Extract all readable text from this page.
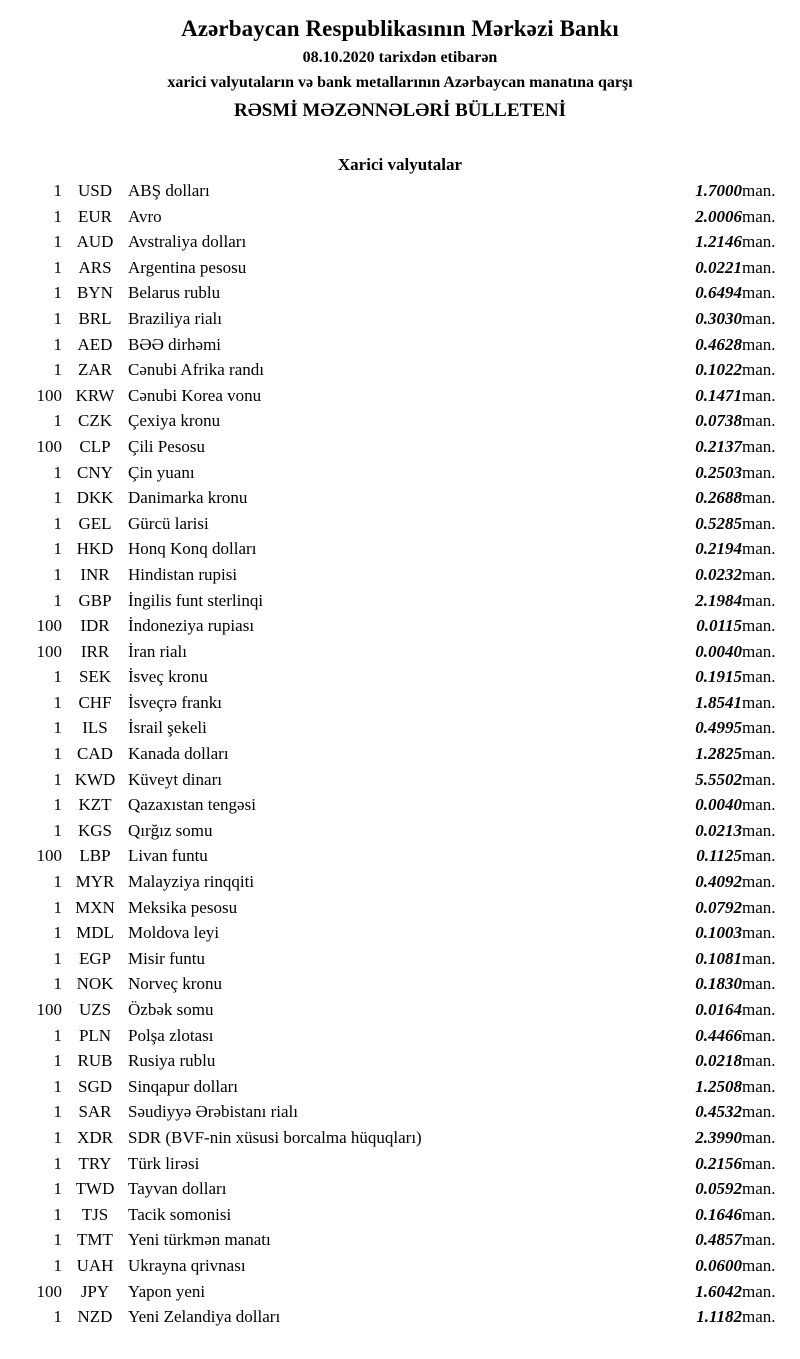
Azərbaycan Respublikasının Mərkəzi Bankı
08.10.2020 tarixdən etibarən
xarici valyutaların və bank metallarının Azərbaycan manatına qarşı
RƏSMİ MƏZƏNNƏLƏRİ BÜLLETENİ
Xarici valyutalar
1	USD	ABŞ dolları	1.7000	man.
1	EUR	Avro	2.0006	man.
1	AUD	Avstraliya dolları	1.2146	man.
1	ARS	Argentina pesosu	0.0221	man.
1	BYN	Belarus rublu	0.6494	man.
1	BRL	Braziliya rialı	0.3030	man.
1	AED	BƏƏ dirhəmi	0.4628	man.
1	ZAR	Cənubi Afrika randı	0.1022	man.
100	KRW	Cənubi Korea vonu	0.1471	man.
1	CZK	Çexiya kronu	0.0738	man.
100	CLP	Çili Pesosu	0.2137	man.
1	CNY	Çin yuanı	0.2503	man.
1	DKK	Danimarka kronu	0.2688	man.
1	GEL	Gürcü larisi	0.5285	man.
1	HKD	Honq Konq dolları	0.2194	man.
1	INR	Hindistan rupisi	0.0232	man.
1	GBP	İngilis funt sterlinqi	2.1984	man.
100	IDR	İndoneziya rupiası	0.0115	man.
100	IRR	İran rialı	0.0040	man.
1	SEK	İsveç kronu	0.1915	man.
1	CHF	İsveçrə frankı	1.8541	man.
1	ILS	İsrail şekeli	0.4995	man.
1	CAD	Kanada dolları	1.2825	man.
1	KWD	Küveyt dinarı	5.5502	man.
1	KZT	Qazaxıstan tengəsi	0.0040	man.
1	KGS	Qırğız somu	0.0213	man.
100	LBP	Livan funtu	0.1125	man.
1	MYR	Malayziya rinqqiti	0.4092	man.
1	MXN	Meksika pesosu	0.0792	man.
1	MDL	Moldova leyi	0.1003	man.
1	EGP	Misir funtu	0.1081	man.
1	NOK	Norveç kronu	0.1830	man.
100	UZS	Özbək somu	0.0164	man.
1	PLN	Polşa zlotası	0.4466	man.
1	RUB	Rusiya rublu	0.0218	man.
1	SGD	Sinqapur dolları	1.2508	man.
1	SAR	Səudiyyə Ərəbistanı rialı	0.4532	man.
1	XDR	SDR (BVF-nin xüsusi borcalma hüquqları)	2.3990	man.
1	TRY	Türk lirəsi	0.2156	man.
1	TWD	Tayvan dolları	0.0592	man.
1	TJS	Tacik somonisi	0.1646	man.
1	TMT	Yeni türkmən manatı	0.4857	man.
1	UAH	Ukrayna qrivnası	0.0600	man.
100	JPY	Yapon yeni	1.6042	man.
1	NZD	Yeni Zelandiya dolları	1.1182	man.
